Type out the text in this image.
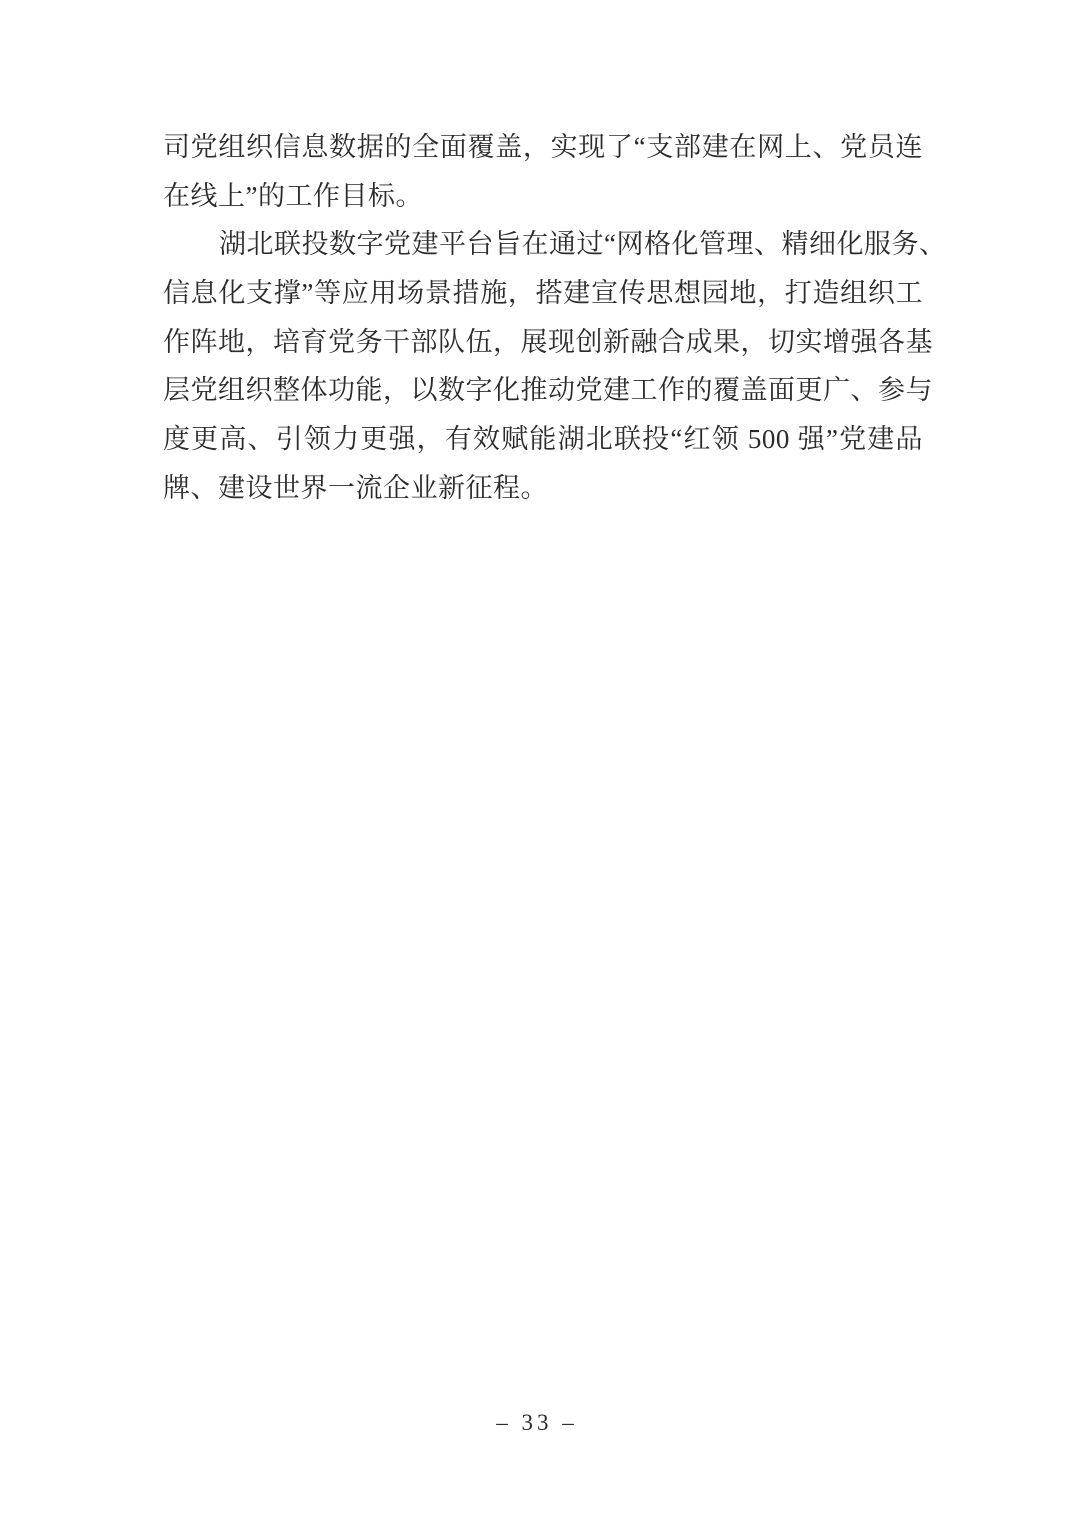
司党组织信息数据的全面覆盖，实现了“支部建在网上、党员连
在线上”的工作目标。
湖北联投数字党建平台旨在通过“网格化管理、精细化服务、
信息化支撑”等应用场景措施，搭建宣传思想园地，打造组织工
作阵地，培育党务干部队伍，展现创新融合成果，切实增强各基
层党组织整体功能，以数字化推动党建工作的覆盖面更广、参与
度更高、引领力更强，有效赋能湖北联投“红领 500 强”党建品
牌、建设世界一流企业新征程。
– 33 –
